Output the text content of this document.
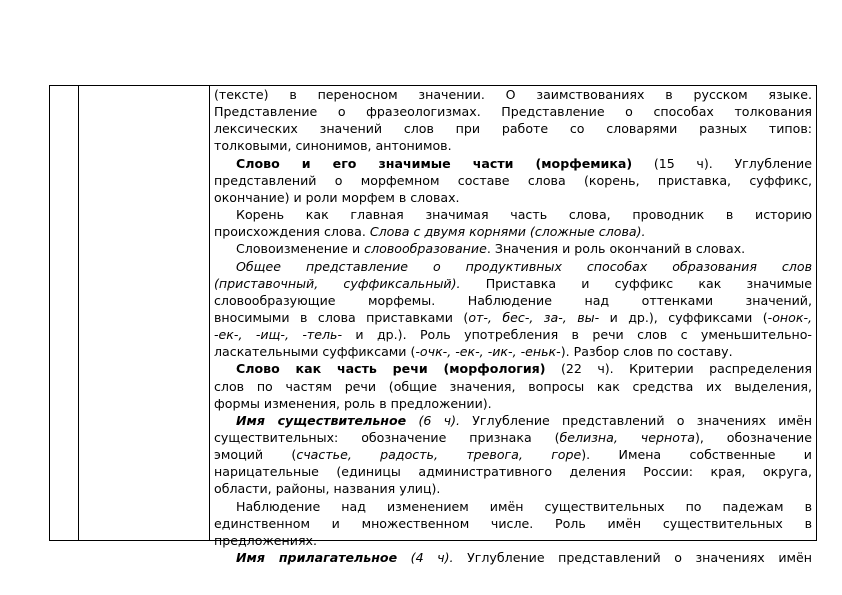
(тексте) в переносном значении. О заимствованиях в русском языке.
Представление о фразеологизмах. Представление о способах толкования
лексических значений слов при работе со словарями разных типов:
толковыми, синонимов, антонимов.
Слово и его значимые части (морфемика) (15 ч). Углубление
представлений о морфемном составе слова (корень, приставка, суффикс,
окончание) и роли морфем в словах.
Корень как главная значимая часть слова, проводник в историю
происхождения слова. Слова с двумя корнями (сложные слова).
Словоизменение и словообразование. Значения и роль окончаний в словах.
Общее представление о продуктивных способах образования слов
(приставочный, суффиксальный). Приставка и суффикс как значимые
словообразующие морфемы. Наблюдение над оттенками значений,
вносимыми в слова приставками (от-, бес-, за-, вы- и др.), суффиксами (-онок-,
-ек-, -ищ-, -тель- и др.). Роль употребления в речи слов с уменьшительно-
ласкательными суффиксами (-очк-, -ек-, -ик-, -еньк-). Разбор слов по составу.
Слово как часть речи (морфология) (22 ч). Критерии распределения
слов по частям речи (общие значения, вопросы как средства их выделения,
формы изменения, роль в предложении).
Имя существительное (6 ч). Углубление представлений о значениях имён
существительных: обозначение признака (белизна, чернота), обозначение
эмоций (счастье, радость, тревога, горе). Имена собственные и
нарицательные (единицы административного деления России: края, округа,
области, районы, названия улиц).
Наблюдение над изменением имён существительных по падежам в
единственном и множественном числе. Роль имён существительных в
предложениях.
Имя прилагательное (4 ч). Углубление представлений о значениях имён
